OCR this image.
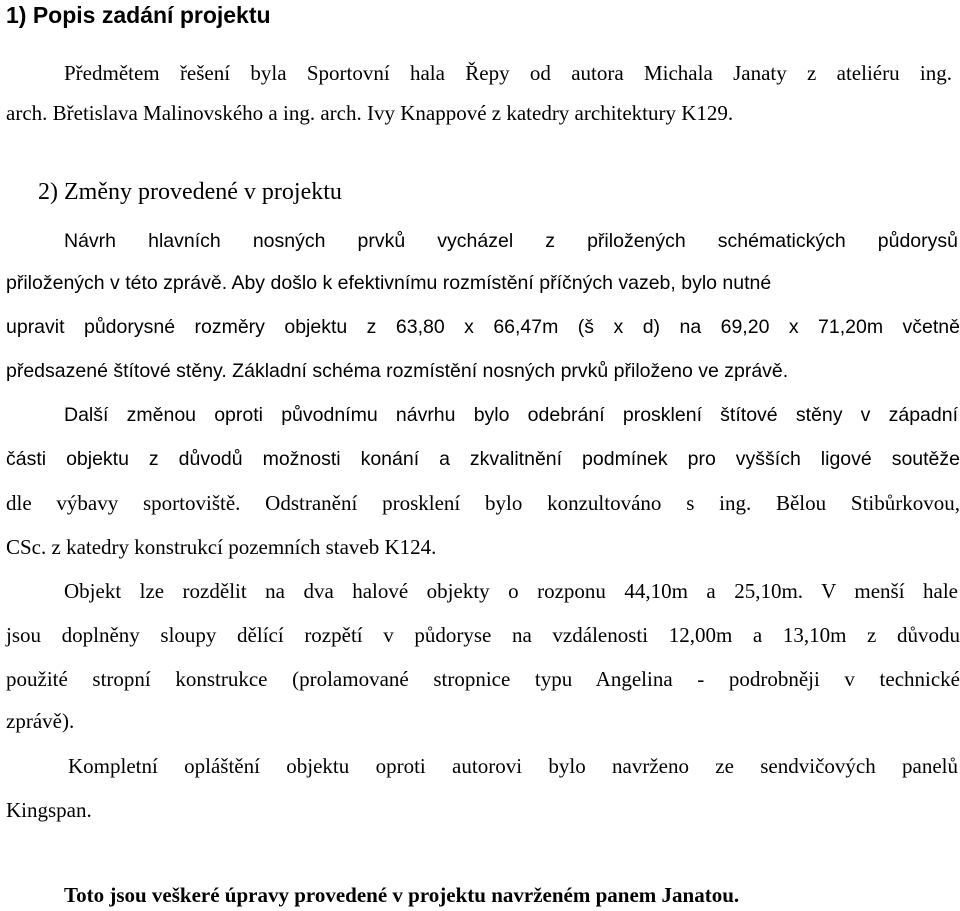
1) Popis zadání projektu
Předmětem řešení byla Sportovní hala Řepy od autora Michala Janaty z ateliéru ing.
arch. Břetislava Malinovského a ing. arch. Ivy Knappové z katedry architektury K129.
2) Změny provedené v projektu
Návrh hlavních nosných prvků vycházel z přiložených schématických půdorysů
přiložených v této zprávě. Aby došlo k efektivnímu rozmístění příčných vazeb, bylo nutné
upravit půdorysné rozměry objektu z 63,80 x 66,47m (š x d) na 69,20 x 71,20m včetně
předsazené štítové stěny. Základní schéma rozmístění nosných prvků přiloženo ve zprávě.
Další změnou oproti původnímu návrhu bylo odebrání prosklení štítové stěny v západní
části objektu z důvodů možnosti konání a zkvalitnění podmínek pro vyšších ligové soutěže
dle výbavy sportoviště. Odstranění prosklení bylo konzultováno s ing. Bělou Stibůrkovou,
CSc. z katedry konstrukcí pozemních staveb K124.
Objekt lze rozdělit na dva halové objekty o rozponu 44,10m a 25,10m. V menší hale
jsou doplněny sloupy dělící rozpětí v půdoryse na vzdálenosti 12,00m a 13,10m z důvodu
použité stropní konstrukce (prolamované stropnice typu Angelina - podrobněji v technické
zprávě).
Kompletní opláštění objektu oproti autorovi bylo navrženo ze sendvičových panelů
Kingspan.
Toto jsou veškeré úpravy provedené v projektu navrženém panem Janatou.
